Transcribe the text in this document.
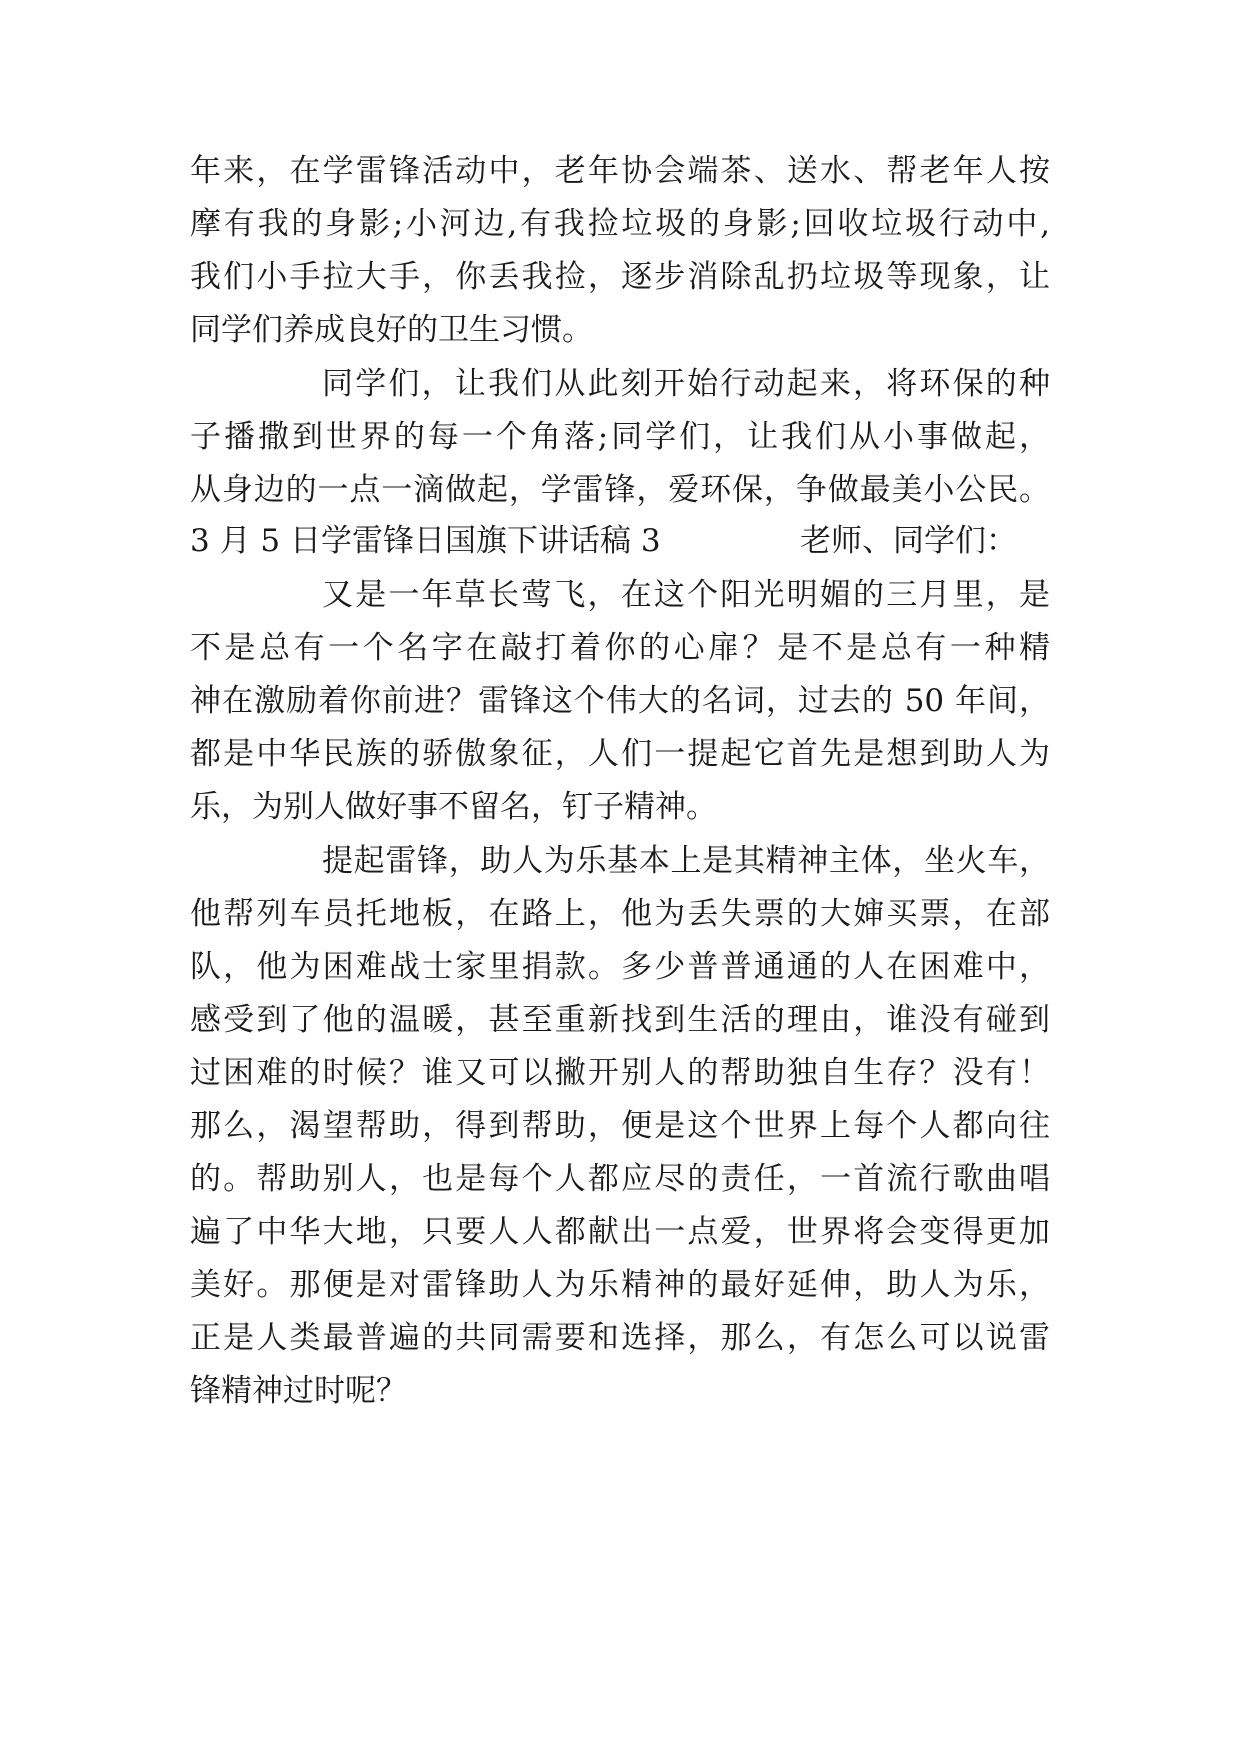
年来，在学雷锋活动中，老年协会端茶、送水、帮老年人按
摩有我的身影;小河边,有我捡垃圾的身影;回收垃圾行动中,
我们小手拉大手，你丢我捡，逐步消除乱扔垃圾等现象，让
同学们养成良好的卫生习惯。
同学们，让我们从此刻开始行动起来，将环保的种
子播撒到世界的每一个角落;同学们，让我们从小事做起，
从身边的一点一滴做起，学雷锋，爱环保，争做最美小公民。
3 月 5 日学雷锋日国旗下讲话稿 3	老师、同学们：
又是一年草长莺飞，在这个阳光明媚的三月里，是
不是总有一个名字在敲打着你的心扉？是不是总有一种精
神在激励着你前进？雷锋这个伟大的名词，过去的 50 年间，
都是中华民族的骄傲象征，人们一提起它首先是想到助人为
乐，为别人做好事不留名，钉子精神。
提起雷锋，助人为乐基本上是其精神主体，坐火车，
他帮列车员托地板，在路上，他为丢失票的大婶买票，在部
队，他为困难战士家里捐款。多少普普通通的人在困难中，
感受到了他的温暖，甚至重新找到生活的理由，谁没有碰到
过困难的时候？谁又可以撇开别人的帮助独自生存？没有！
那么，渴望帮助，得到帮助，便是这个世界上每个人都向往
的。帮助别人，也是每个人都应尽的责任，一首流行歌曲唱
遍了中华大地，只要人人都献出一点爱，世界将会变得更加
美好。那便是对雷锋助人为乐精神的最好延伸，助人为乐，
正是人类最普遍的共同需要和选择，那么，有怎么可以说雷
锋精神过时呢？
